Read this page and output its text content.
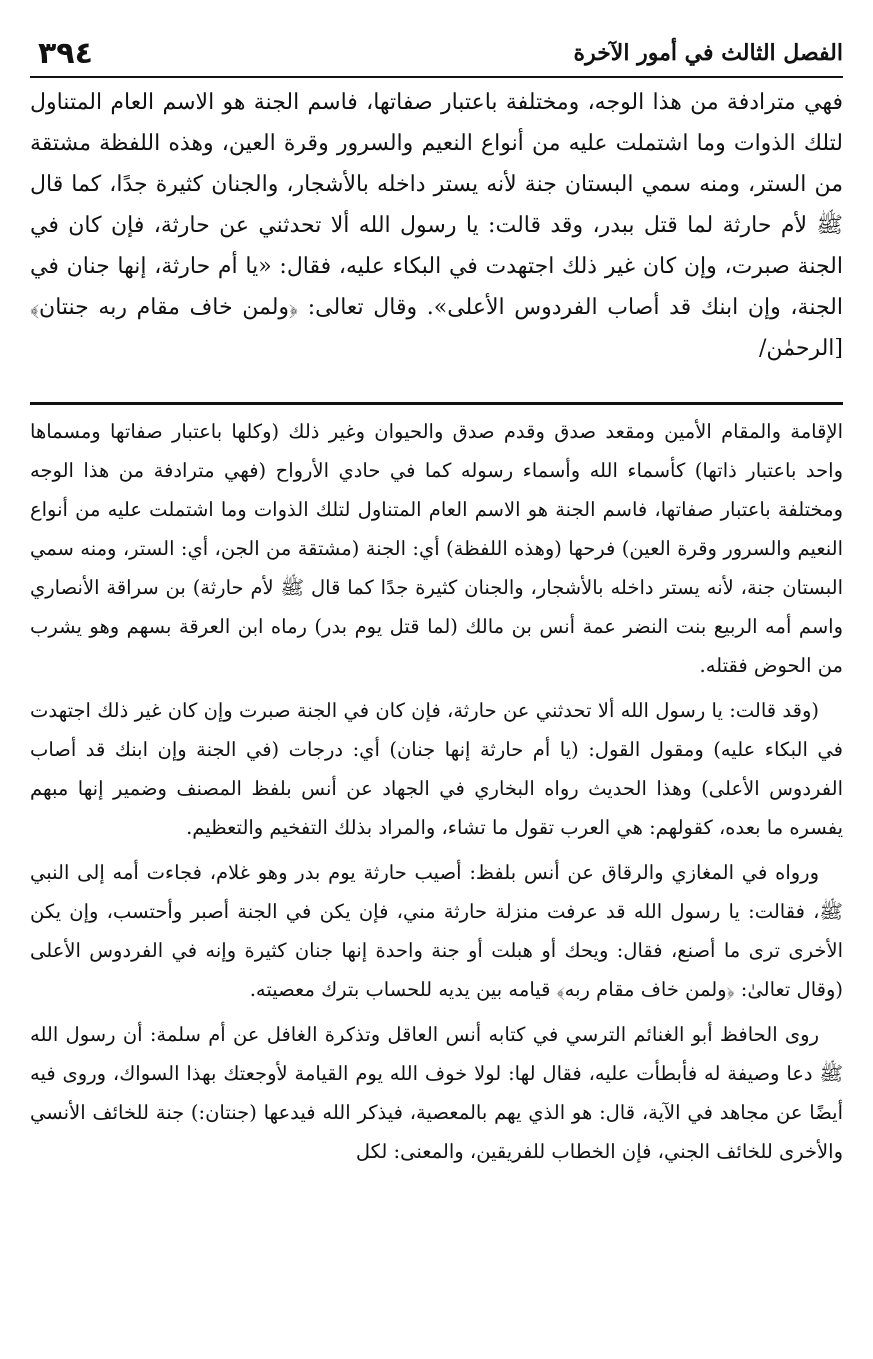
٣٩٤	الفصل الثالث في أمور الآخرة

فهي مترادفة من هذا الوجه، ومختلفة باعتبار صفاتها، فاسم الجنة هو الاسم العام المتناول لتلك الذوات وما اشتملت عليه من أنواع النعيم والسرور وقرة العين، وهذه اللفظة مشتقة من الستر، ومنه سمي البستان جنة لأنه يستر داخله بالأشجار، والجنان كثيرة جدًا، كما قال ﷺ لأم حارثة لما قتل ببدر، وقد قالت: يا رسول الله ألا تحدثني عن حارثة، فإن كان في الجنة صبرت، وإن كان غير ذلك اجتهدت في البكاء عليه، فقال: «يا أم حارثة، إنها جنان في الجنة، وإن ابنك قد أصاب الفردوس الأعلى». وقال تعالى: ﴿ولمن خاف مقام ربه جنتان﴾ [الرحمٰن/

الإقامة والمقام الأمين ومقعد صدق وقدم صدق والحيوان وغير ذلك (وكلها باعتبار صفاتها ومسماها واحد باعتبار ذاتها) كأسماء الله وأسماء رسوله كما في حادي الأرواح (فهي مترادفة من هذا الوجه ومختلفة باعتبار صفاتها، فاسم الجنة هو الاسم العام المتناول لتلك الذوات وما اشتملت عليه من أنواع النعيم والسرور وقرة العين) فرحها (وهذه اللفظة) أي: الجنة (مشتقة من الجن، أي: الستر، ومنه سمي البستان جنة، لأنه يستر داخله بالأشجار، والجنان كثيرة جدًا كما قال ﷺ لأم حارثة) بن سراقة الأنصاري واسم أمه الربيع بنت النضر عمة أنس بن مالك (لما قتل يوم بدر) رماه ابن العرقة بسهم وهو يشرب من الحوض فقتله.

(وقد قالت: يا رسول الله ألا تحدثني عن حارثة، فإن كان في الجنة صبرت وإن كان غير ذلك اجتهدت في البكاء عليه) ومقول القول: (يا أم حارثة إنها جنان) أي: درجات (في الجنة وإن ابنك قد أصاب الفردوس الأعلى) وهذا الحديث رواه البخاري في الجهاد عن أنس بلفظ المصنف وضمير إنها مبهم يفسره ما بعده، كقولهم: هي العرب تقول ما تشاء، والمراد بذلك التفخيم والتعظيم.

ورواه في المغازي والرقاق عن أنس بلفظ: أصيب حارثة يوم بدر وهو غلام، فجاءت أمه إلى النبي ﷺ، فقالت: يا رسول الله قد عرفت منزلة حارثة مني، فإن يكن في الجنة أصبر وأحتسب، وإن يكن الأخرى ترى ما أصنع، فقال: ويحك أو هبلت أو جنة واحدة إنها جنان كثيرة وإنه في الفردوس الأعلى (وقال تعالىٰ: ﴿ولمن خاف مقام ربه﴾ قيامه بين يديه للحساب بترك معصيته.

روى الحافظ أبو الغنائم الترسي في كتابه أنس العاقل وتذكرة الغافل عن أم سلمة: أن رسول الله ﷺ دعا وصيفة له فأبطأت عليه، فقال لها: لولا خوف الله يوم القيامة لأوجعتك بهذا السواك، وروى فيه أيضًا عن مجاهد في الآية، قال: هو الذي يهم بالمعصية، فيذكر الله فيدعها (جنتان:) جنة للخائف الأنسي والأخرى للخائف الجني، فإن الخطاب للفريقين، والمعنى: لكل
